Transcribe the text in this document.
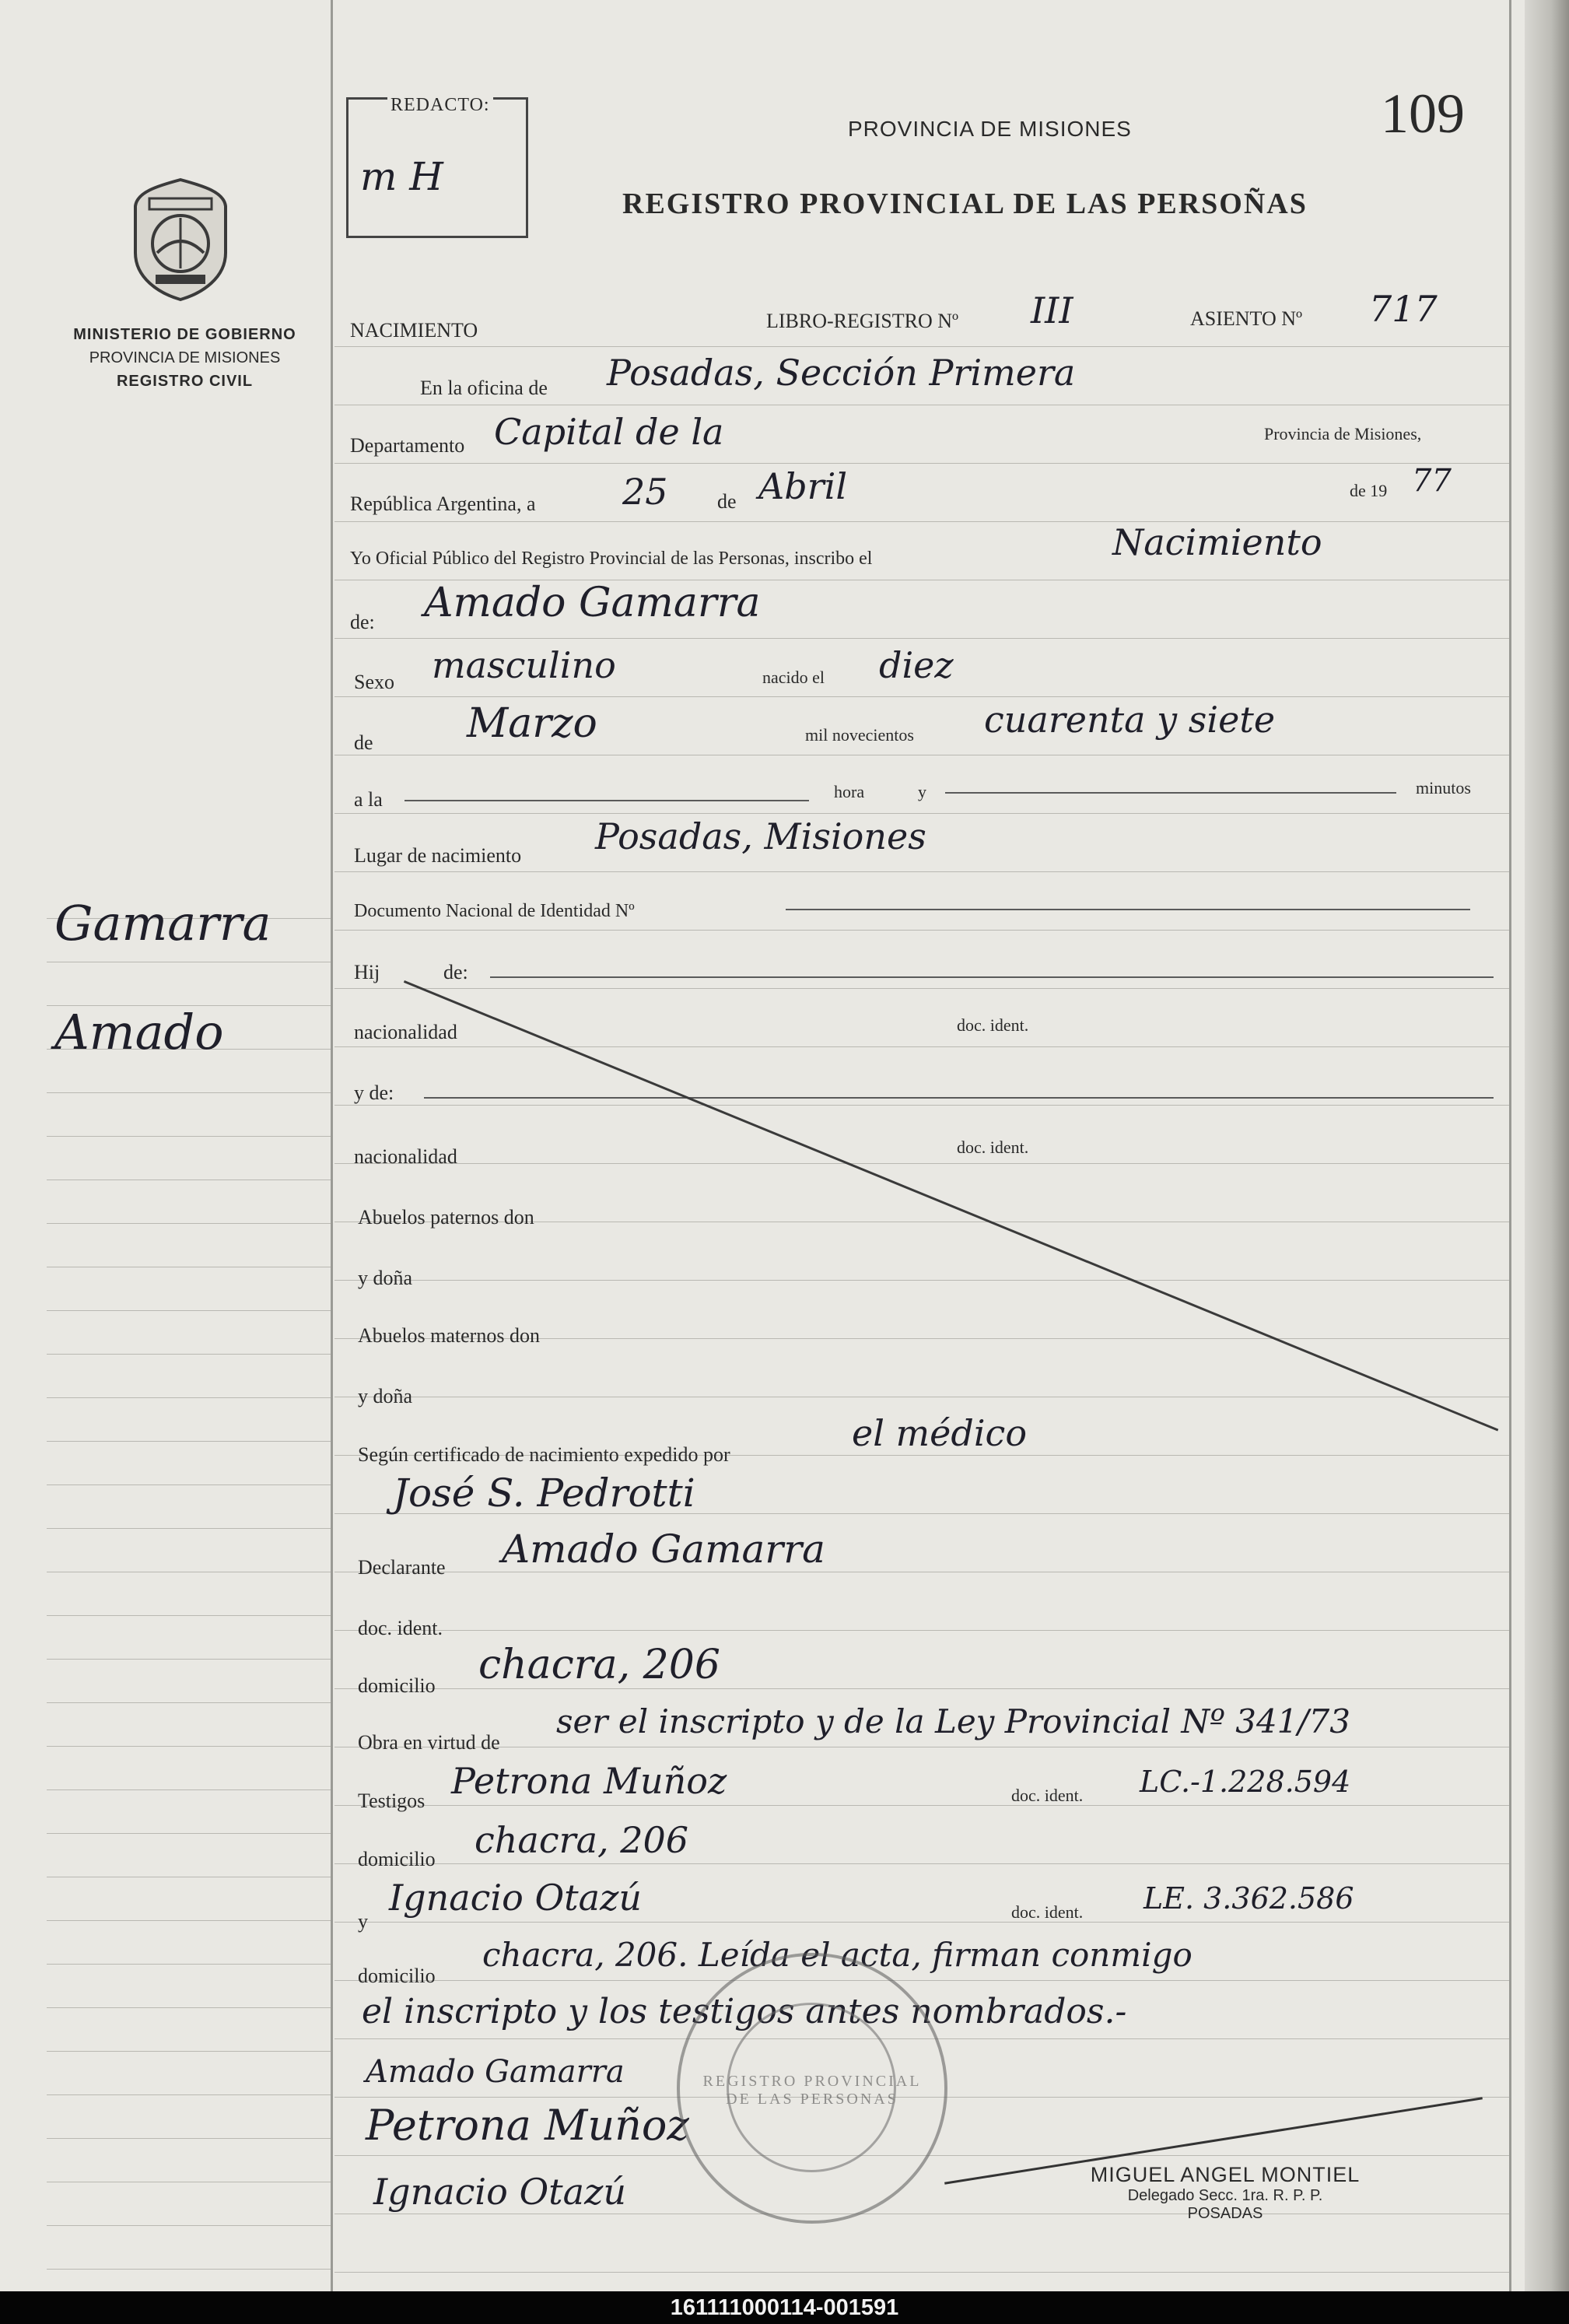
MINISTERIO DE GOBIERNO
PROVINCIA DE MISIONES
REGISTRO CIVIL
Gamarra
Amado
REDACTO:
m H
PROVINCIA DE MISIONES	109
REGISTRO PROVINCIAL DE LAS PERSOÑAS
NACIMIENTO	LIBRO-REGISTRO Nº III	ASIENTO Nº 717
En la oficina de Posadas, Sección Primera
Departamento Capital de la	Provincia de Misiones,
República Argentina, a 25 de Abril	de 19 77
Yo Oficial Público del Registro Provincial de las Personas, inscribo el	Nacimiento
de: Amado Gamarra
Sexo masculino	nacido el diez
de Marzo	mil novecientos cuarenta y siete
a la	hora	y	minutos
Lugar de nacimiento Posadas, Misiones
Documento Nacional de Identidad Nº
Hij	de:
nacionalidad	doc. ident.
y de:
nacionalidad	doc. ident.
Abuelos paternos don
y doña
Abuelos maternos don
y doña
Según certificado de nacimiento expedido por
el médico
José S. Pedrotti
Declarante Amado Gamarra
doc. ident.
domicilio chacra, 206
Obra en virtud de
ser el inscripto y de la Ley Provincial Nº 341/73
Testigos Petrona Muñoz	doc. ident. LC.-1.228.594
domicilio chacra, 206
y
Ignacio Otazú	doc. ident. LE. 3.362.586
domicilio
chacra, 206. Leída el acta, firman conmigo
el inscripto y los testigos antes nombrados.-
Amado Gamarra
Petrona Muñoz
Ignacio Otazú
REGISTRO PROVINCIAL DE LAS PERSONAS
MIGUEL ANGEL MONTIEL
Delegado Secc. 1ra. R. P. P.
POSADAS
161111000114-001591
